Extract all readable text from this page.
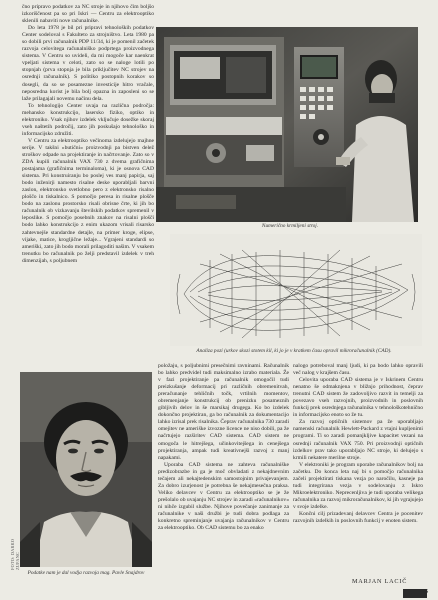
čno pripravo podatkov za NC stroje in njihovo čim boljšo izkoriščenost pa so pri Iskri — Centru za elektrooptiko sklenili nabaviti nove računalnike.

Do leta 1978 je bil pri pripravi tehnoloških podatkov Center sodeloval s Fakulteto za strojništvo. Leta 1980 pa so dobili prvi računalnik PDP 11/34, ki je pomenil začetek razvoja celovitega računalniško podprtega proizvodnega sistema. V Centru so uvideli, da mi mogoče kar naenkrat vpeljati sistema v celoti, zato so se naloge lotili po stopnjah (prva stopnja je bila priključitev NC strojev na osrednji računalnik). S politiko postopnih korakov so dosegli, da so se posamezne investicije hitro vračale, neposredna korist je bila bolj opazna in zaposleni so se laže prilagajali novemu načinu dela.

To tehnologijo Center uvaja na različna področja: mehansko konstrukcijo, lasersko fiziko, optiko in elektroniko. Vsak njihov izdelek vključuje dosežke skoraj vseh naštetih področij, zato jih poskušajo tehnološko in informacijsko združiti.

V Centru za elektrooptiko večinoma izdelujejo majhne serije. V takšni »butični« proizvodnji pa bistven delež stroškov odpade na projektiranje in načrtovanje. Zato so v ZDA kupili računalnik VAX 730 z dvema grafičnima postajama (grafičnima terminaloma), ki je osnova CAD sistema. Pri konstruiranju bo poslej ves manj papirja, saj bodo inženirji namesto risalne deske uporabljali barvni zaslon, elektronsko svetlobno pero z elektronsko risalno ploščo in tiskalnico. S pomočjo peresa in risalne plošče bodo na zaslonu prostorsko risali obrisne črte, ki jih bo računalnik ob vizkavanju številskih podatkov spremenil v leposlike. S pomočjo posebnih znakov na risalni plošči bodo lahko konstrukcijo z enim ukazom vrisali risarsko zahtevnejše standardne detajle, na primer kroge, elipse, vijake, matice, krogljične ležaje... Vgrajeni standardi so ameriški, zato jih bodo morali prilagoditi našim. V vsakem trenutku bo računalnik po želji predstavil izdelek v treh dimenzijah, s poljubnem

Numerično krmiljeni stroj.
Analiza pozi (urkov skozi stotem kil, ki jo je v kratkem času opravil mikroračunalnik (CAD).
FOTO: DARKO ZUPANC
Podatke nam je dal vodja razvoja mag. Pavle Snajdrov

položaju, s poljubnimi presečnimi ravninami. Računalnik bo lahko predvidel tudi maksimalno izrabo materiala. Že v fazi projektiranje pa računalnik omogočil tudi preizkušanje deformacij pri različnih obremenitvah, preračunanje tehličnih točk, vrtilnih momentov, obremenjanje konstrukcij ob prenizku posameznih gibljivih delov in še marsikaj drugega. Ko bo izdelek dokončno projektiran, ga bo računalnik za dokumentacijo lahko izrisal prek risalnika. Čeprav računalnika 730 zaradi omejitev ne ameriške izvozne licence ne niso dobili, pa že načrtujejo razširitev CAD sistema. CAD sistem ne omogoča le hitrejšega, učinkovitejšega in cenejšega projektiranja, ampak tudi kreativnejši razvoj z manj napakami.

Uporaba CAD sistema ne zahteva računalniške predizobrazbe in ga je moč obvladati z nekajdnevnim tečajem ali nekajtedenskim samostojnim privajevanjem. Za dobro izurjenost je potrebna še nekajmesečna praksa. Veliko delavcev v Centru za elektrooptiko se je že prešolalo ob uvajanju NC strojev in zaradi »računalnikov« ni nihče izgubil službe. Njihove povečanje zanimanje za računalnike v naši družbi je tudi dobra podlaga za konkretno spreminjanje uvajanja računalnikov v Centru za elektrooptiko. Ob CAD sistemu bo za enako

nalogo potreboval manj ljudi, ki pa bodo lahko opravili več nalog v krajšem času.

Celovita uporaba CAD sistema je v Iskrinem Centru nenatno še odmaknjena v bližnjo prihodnost, čeprav trenutni CAD sistem že zadovoljivo razvit in temelji za povezavo vseh razvojnih, proizvodnih in poslovnih funkcij prek osrednjega računalnika v tehnološkotehnično in informacijsko enoto so že tu.

Za razvoj optičnih sistemov pa že uporabljajo namenski računalnik Hewlett-Packard z vtajni kupljenimi programi. Ti so zaradi pomanjkljive kapacitet vezani na osrednji računalnik VAX 750. Pri proizvodnji optičnih izdelkov prav tako uporabljajo NC stroje, ki delujejo s krmili nekatere merilne stroje.

V elektroniki je program uporabe računalnikov bolj na začetku. Do konca leta naj bi s pomočjo računalnika začeli projektirati tiskana vezja po naročilu, kasneje pa tudi integrirana vezja v sodelovanju z Iskro Mikroelektroniko. Neprecenljiva je tudi uporaba velikega računalnika za razvoj mikroračunalnikov, ki jih vgrajujejo v svoje izdelke.

Končni cilj prizadevanj delavcev Centra je pocenitev razvojnih izdelkih in poslovnih funkcij v enoten sistem.

MARJAN LACIČ
5
